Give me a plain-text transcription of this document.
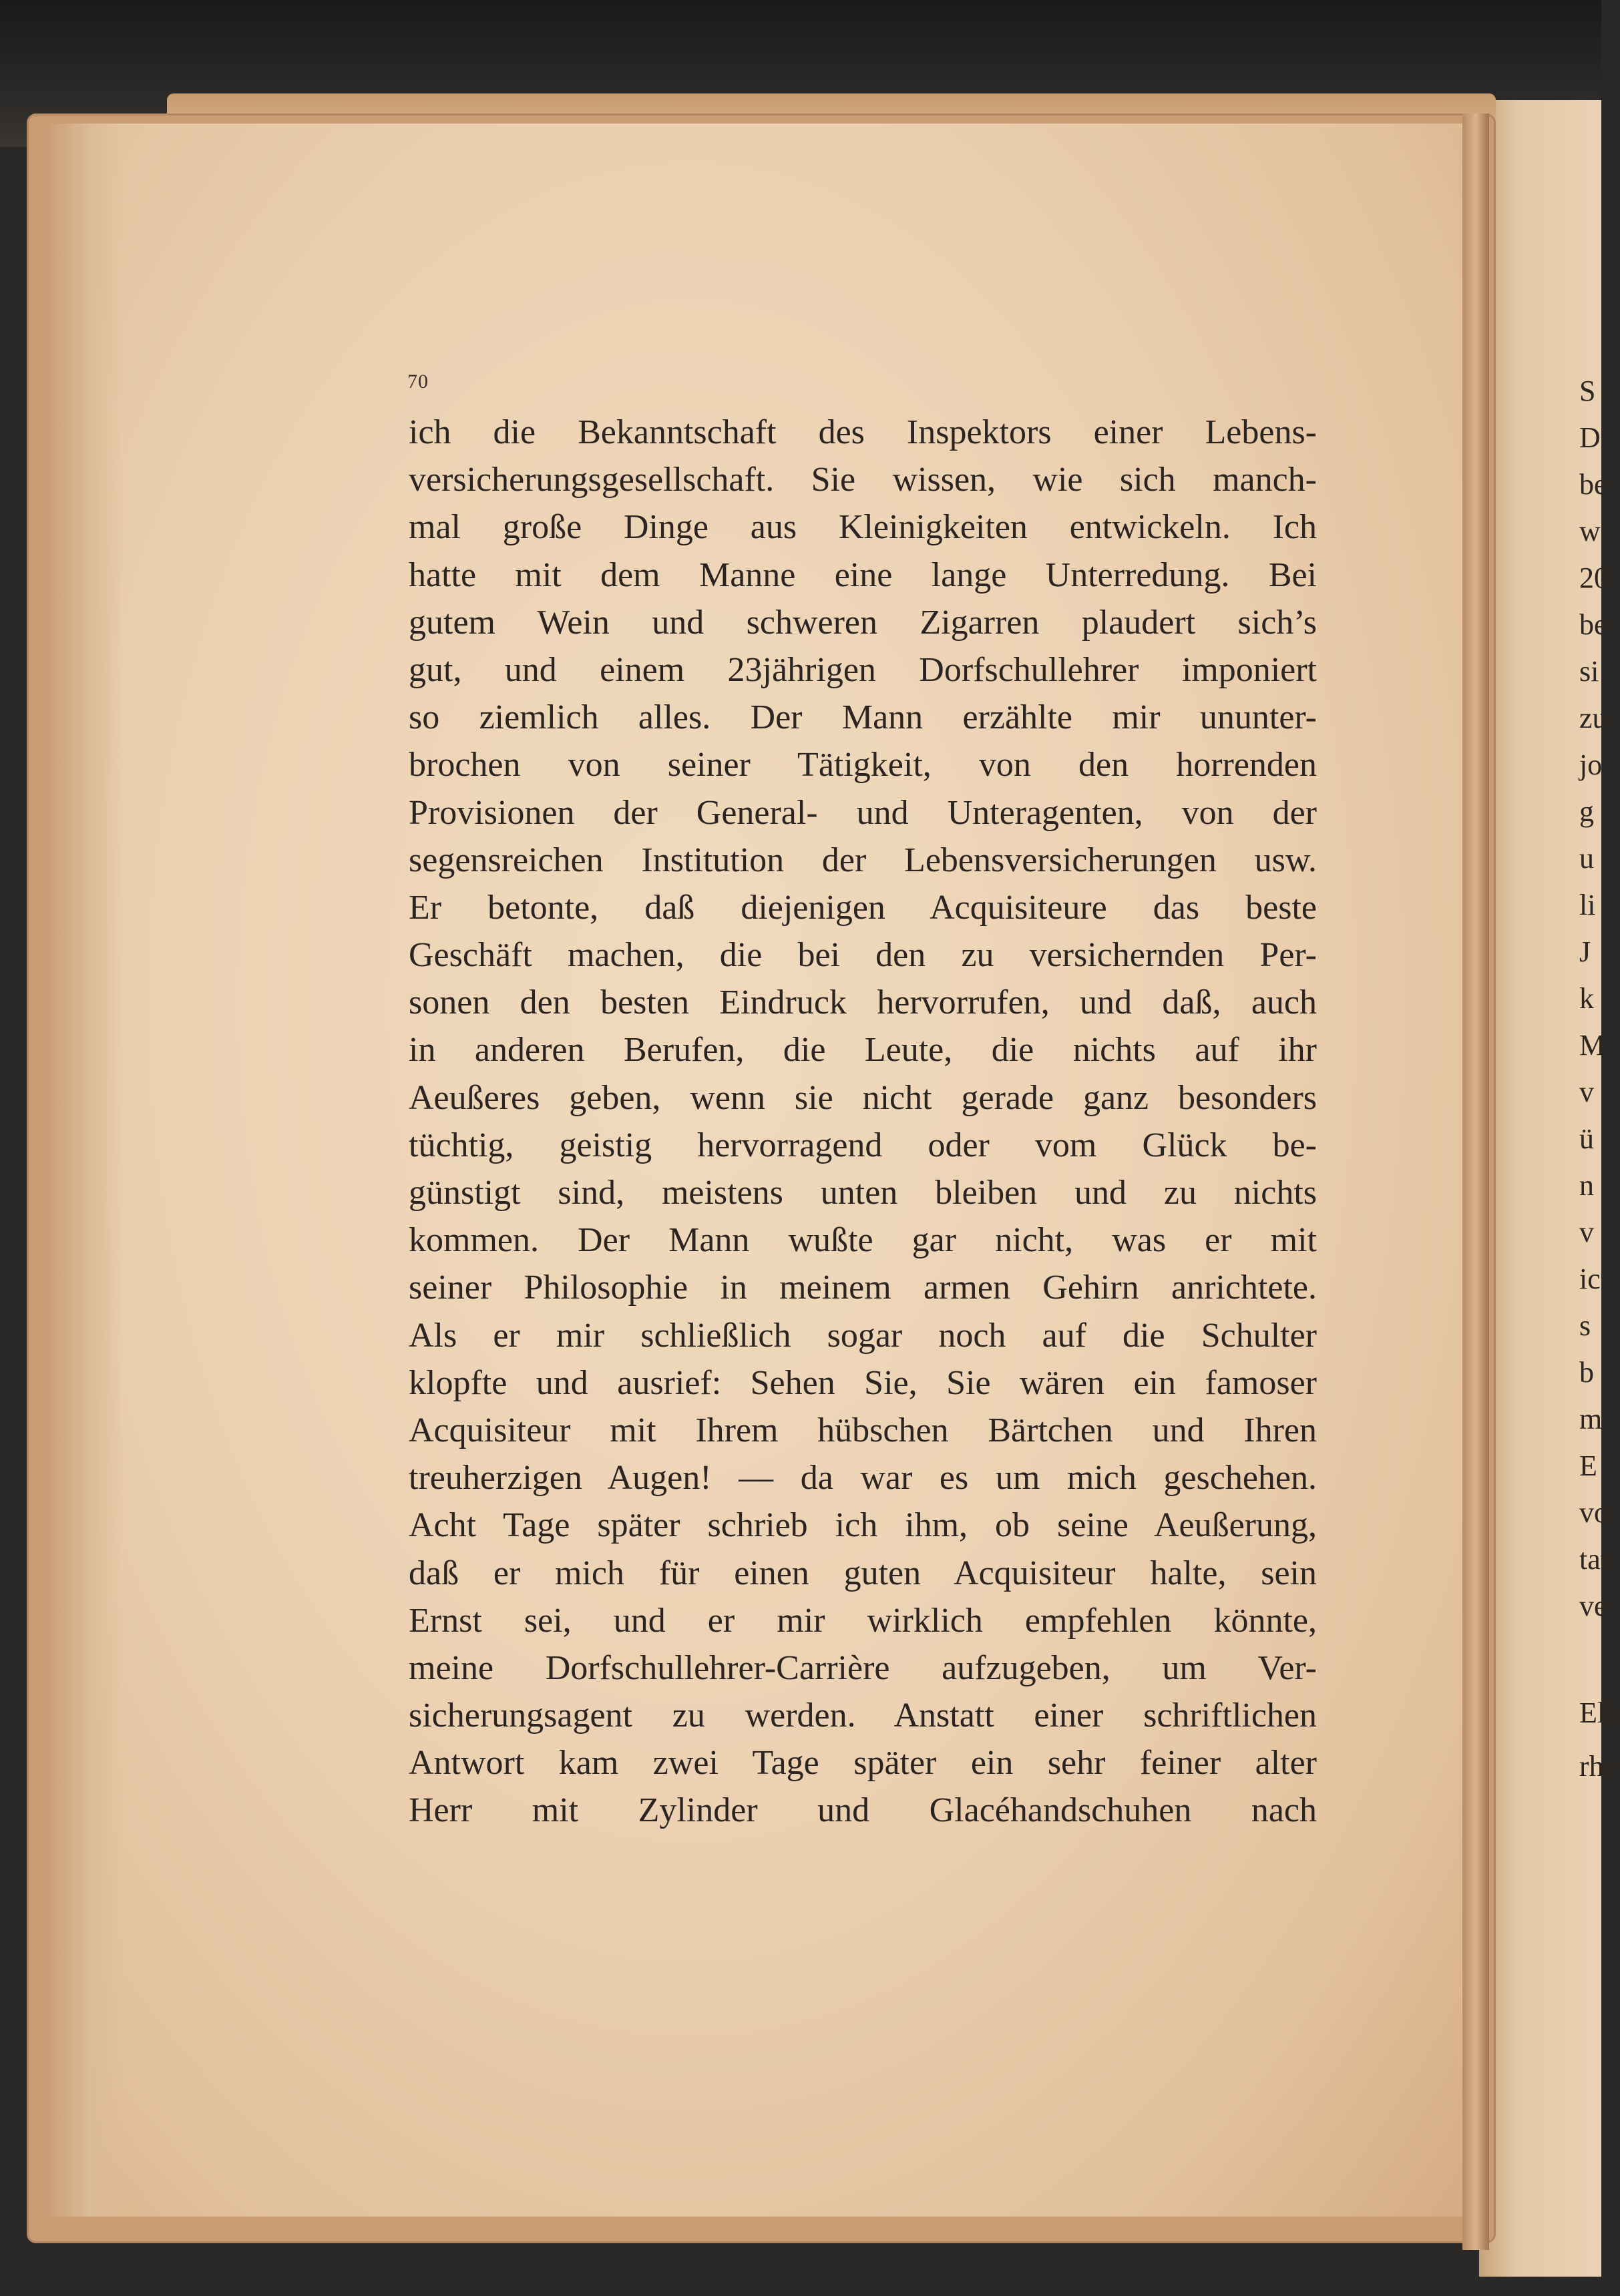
S
D
be
w
20
be
si
zu
jo
g
u
li
J
k
M
v
ü
n
v
ic
s
b
m
E
vo
tat
ve
Elb
rhe
70
ich die Bekanntschaft des Inspektors einer Lebens-
versicherungsgesellschaft. Sie wissen, wie sich manch-
mal große Dinge aus Kleinigkeiten entwickeln. Ich
hatte mit dem Manne eine lange Unterredung. Bei
gutem Wein und schweren Zigarren plaudert sich’s
gut, und einem 23jährigen Dorfschullehrer imponiert
so ziemlich alles. Der Mann erzählte mir ununter-
brochen von seiner Tätigkeit, von den horrenden
Provisionen der General- und Unteragenten, von der
segensreichen Institution der Lebensversicherungen usw.
Er betonte, daß diejenigen Acquisiteure das beste
Geschäft machen, die bei den zu versichernden Per-
sonen den besten Eindruck hervorrufen, und daß, auch
in anderen Berufen, die Leute, die nichts auf ihr
Aeußeres geben, wenn sie nicht gerade ganz besonders
tüchtig, geistig hervorragend oder vom Glück be-
günstigt sind, meistens unten bleiben und zu nichts
kommen. Der Mann wußte gar nicht, was er mit
seiner Philosophie in meinem armen Gehirn anrichtete.
Als er mir schließlich sogar noch auf die Schulter
klopfte und ausrief: Sehen Sie, Sie wären ein famoser
Acquisiteur mit Ihrem hübschen Bärtchen und Ihren
treuherzigen Augen! — da war es um mich geschehen.
Acht Tage später schrieb ich ihm, ob seine Aeußerung,
daß er mich für einen guten Acquisiteur halte, sein
Ernst sei, und er mir wirklich empfehlen könnte,
meine Dorfschullehrer-Carrière aufzugeben, um Ver-
sicherungsagent zu werden. Anstatt einer schriftlichen
Antwort kam zwei Tage später ein sehr feiner alter
Herr mit Zylinder und Glacéhandschuhen nach
